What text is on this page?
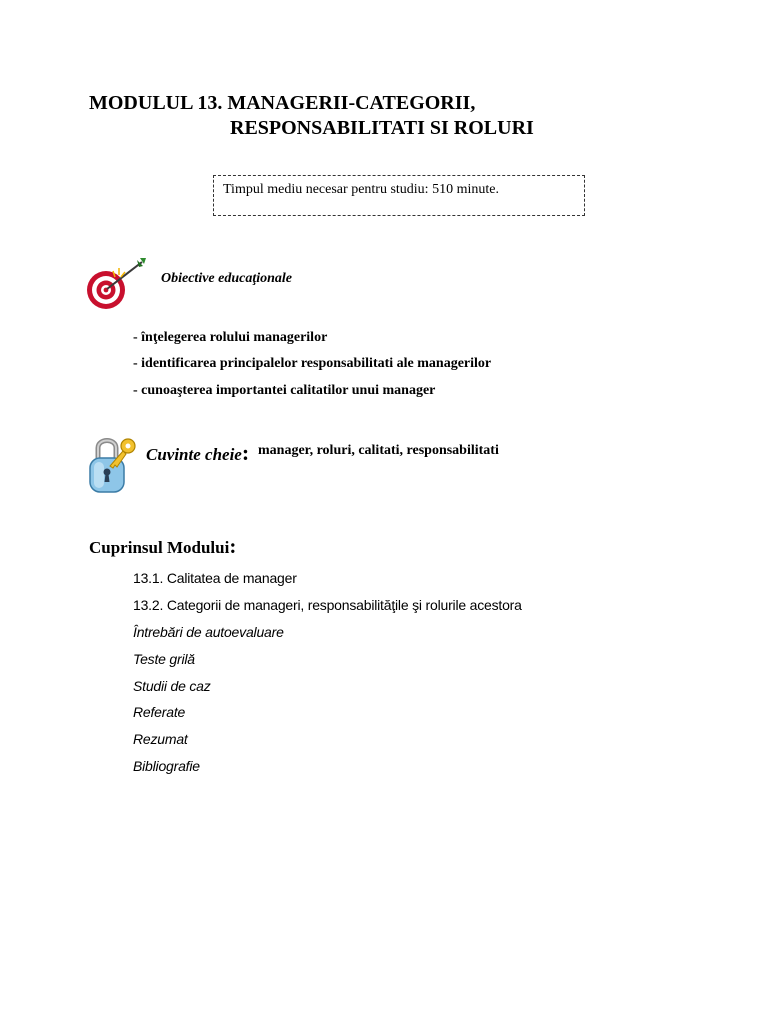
MODULUL 13. MANAGERII-CATEGORII,
RESPONSABILITATI SI ROLURI
Timpul mediu necesar pentru studiu: 510 minute.
Obiective educaţionale
- înţelegerea rolului managerilor
- identificarea principalelor responsabilitati ale managerilor
- cunoaşterea importantei calitatilor unui manager
Cuvinte cheie: manager, roluri, calitati, responsabilitati
Cuprinsul Modului:
13.1. Calitatea de manager
13.2. Categorii de manageri, responsabilităţile şi rolurile acestora
Întrebări de autoevaluare
Teste grilă
Studii de caz
Referate
Rezumat
Bibliografie
